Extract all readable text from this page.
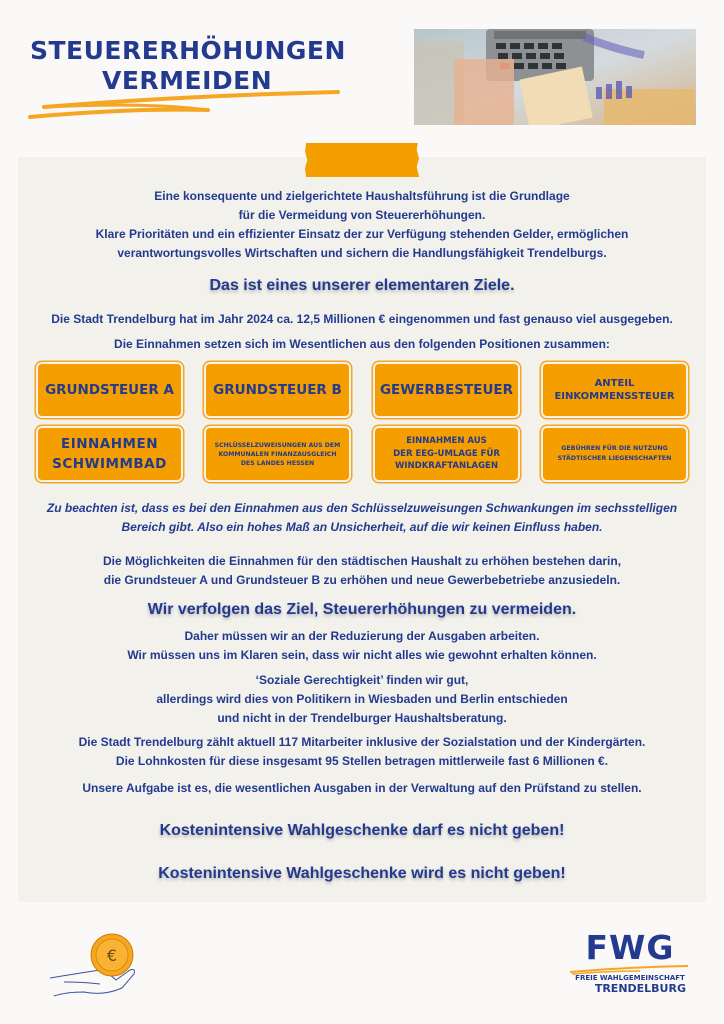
STEUERERHÖHUNGEN
VERMEIDEN
Eine konsequente und zielgerichtete Haushaltsführung ist die Grundlage
für die Vermeidung von Steuererhöhungen.
Klare Prioritäten und ein effizienter Einsatz der zur Verfügung stehenden Gelder, ermöglichen
verantwortungsvolles Wirtschaften und sichern die Handlungsfähigkeit Trendelburgs.
Das ist eines unserer elementaren Ziele.
Die Stadt Trendelburg hat im Jahr 2024 ca. 12,5 Millionen € eingenommen und fast genauso viel ausgegeben.
Die Einnahmen setzen sich im Wesentlichen aus den folgenden Positionen zusammen:
GRUNDSTEUER A	GRUNDSTEUER B	GEWERBESTEUER	ANTEIL
EINKOMMENSSTEUER
EINNAHMEN
SCHWIMMBAD
SCHLÜSSELZUWEISUNGEN AUS DEM
KOMMUNALEN FINANZAUSGLEICH
DES LANDES HESSEN
EINNAHMEN AUS
DER EEG-UMLAGE FÜR
WINDKRAFTANLAGEN
GEBÜHREN FÜR DIE NUTZUNG
STÄDTISCHER LIEGENSCHAFTEN
Zu beachten ist, dass es bei den Einnahmen aus den Schlüsselzuweisungen Schwankungen im sechsstelligen
Bereich gibt. Also ein hohes Maß an Unsicherheit, auf die wir keinen Einfluss haben.
Die Möglichkeiten die Einnahmen für den städtischen Haushalt zu erhöhen bestehen darin,
die Grundsteuer A und Grundsteuer B zu erhöhen und neue Gewerbebetriebe anzusiedeln.
Wir verfolgen das Ziel, Steuererhöhungen zu vermeiden.
Daher müssen wir an der Reduzierung der Ausgaben arbeiten.
Wir müssen uns im Klaren sein, dass wir nicht alles wie gewohnt erhalten können.
‘Soziale Gerechtigkeit’ finden wir gut,
allerdings wird dies von Politikern in Wiesbaden und Berlin entschieden
und nicht in der Trendelburger Haushaltsberatung.
Die Stadt Trendelburg zählt aktuell 117 Mitarbeiter inklusive der Sozialstation und der Kindergärten.
Die Lohnkosten für diese insgesamt 95 Stellen betragen mittlerweile fast 6 Millionen €.
Unsere Aufgabe ist es, die wesentlichen Ausgaben in der Verwaltung auf den Prüfstand zu stellen.
Kostenintensive Wahlgeschenke darf es nicht geben!
Kostenintensive Wahlgeschenke wird es nicht geben!
€	FWG
FREIE WAHLGEMEINSCHAFT
TRENDELBURG
